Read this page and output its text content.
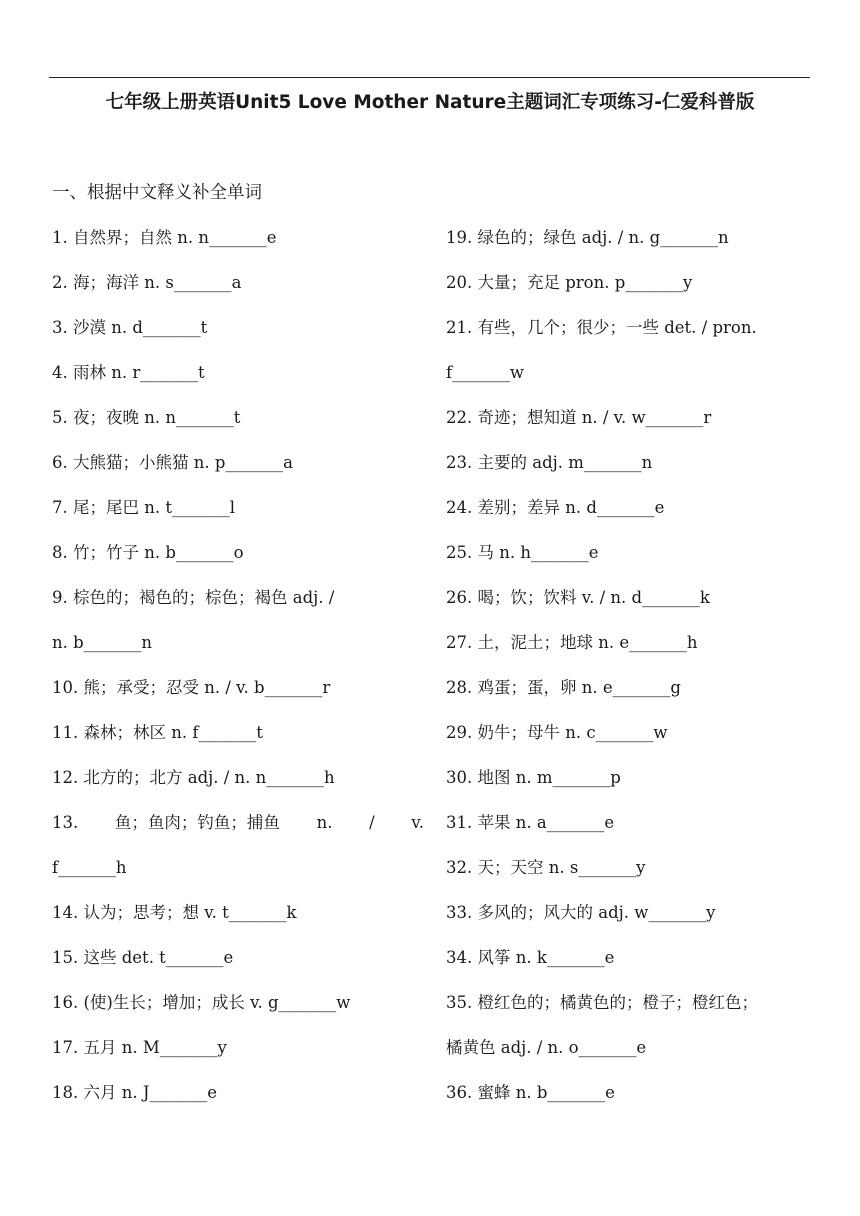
七年级上册英语Unit5 Love Mother Nature主题词汇专项练习-仁爱科普版
一、根据中文释义补全单词
1. 自然界；自然 n. n_______e
2. 海；海洋 n. s_______a
3. 沙漠 n. d_______t
4. 雨林 n. r_______t
5. 夜；夜晚 n. n_______t
6. 大熊猫；小熊猫 n. p_______a
7. 尾；尾巴 n. t_______l
8. 竹；竹子 n. b_______o
9. 棕色的；褐色的；棕色；褐色 adj. /
n. b_______n
10. 熊；承受；忍受 n. / v. b_______r
11. 森林；林区 n. f_______t
12. 北方的；北方 adj. / n. n_______h
13. 鱼；鱼肉；钓鱼；捕鱼 n. / v.
f_______h
14. 认为；思考；想 v. t_______k
15. 这些 det. t_______e
16. (使)生长；增加；成长 v. g_______w
17. 五月 n. M_______y
18. 六月 n. J_______e
19. 绿色的；绿色 adj. / n. g_______n
20. 大量；充足 pron. p_______y
21. 有些，几个；很少；一些 det. / pron.
f_______w
22. 奇迹；想知道 n. / v. w_______r
23. 主要的 adj. m_______n
24. 差别；差异 n. d_______e
25. 马 n. h_______e
26. 喝；饮；饮料 v. / n. d_______k
27. 土，泥土；地球 n. e_______h
28. 鸡蛋；蛋，卵 n. e_______g
29. 奶牛；母牛 n. c_______w
30. 地图 n. m_______p
31. 苹果 n. a_______e
32. 天；天空 n. s_______y
33. 多风的；风大的 adj. w_______y
34. 风筝 n. k_______e
35. 橙红色的；橘黄色的；橙子；橙红色；
橘黄色 adj. / n. o_______e
36. 蜜蜂 n. b_______e
